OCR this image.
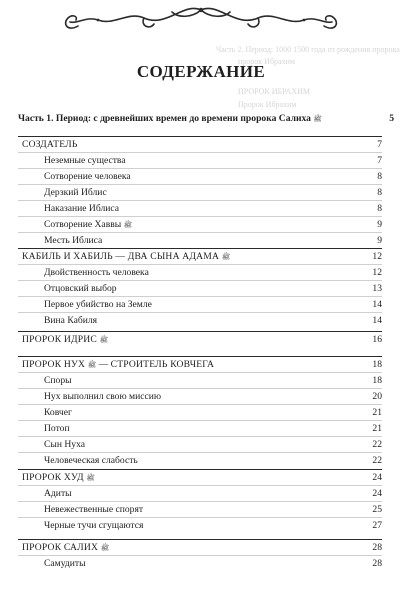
Часть 2. Период: 1000 1500 года от рождения пророка
пророк Ибрахим
ПРОРОК ИБРАХИМ
Пророк Ибрахим
СОДЕРЖАНИЕ
Часть 1. Период: с древнейших времен до времени пророка Салиха ﷺ	5
СОЗДАТЕЛЬ	7
Неземные существа	7
Сотворение человека	8
Дерзкий Иблис	8
Наказание Иблиса	8
Сотворение Хаввы ﷺ	9
Месть Иблиса	9
КАБИЛЬ И ХАБИЛЬ — ДВА СЫНА АДАМА ﷺ	12
Двойственность человека	12
Отцовский выбор	13
Первое убийство на Земле	14
Вина Кабиля	14
ПРОРОК ИДРИС ﷺ	16
ПРОРОК НУХ ﷺ — СТРОИТЕЛЬ КОВЧЕГА	18
Споры	18
Нух выполнил свою миссию	20
Ковчег	21
Потоп	21
Сын Нуха	22
Человеческая слабость	22
ПРОРОК ХУД ﷺ	24
Адиты	24
Невежественные спорят	25
Черные тучи сгущаются	27
ПРОРОК САЛИХ ﷺ	28
Самудиты	28
